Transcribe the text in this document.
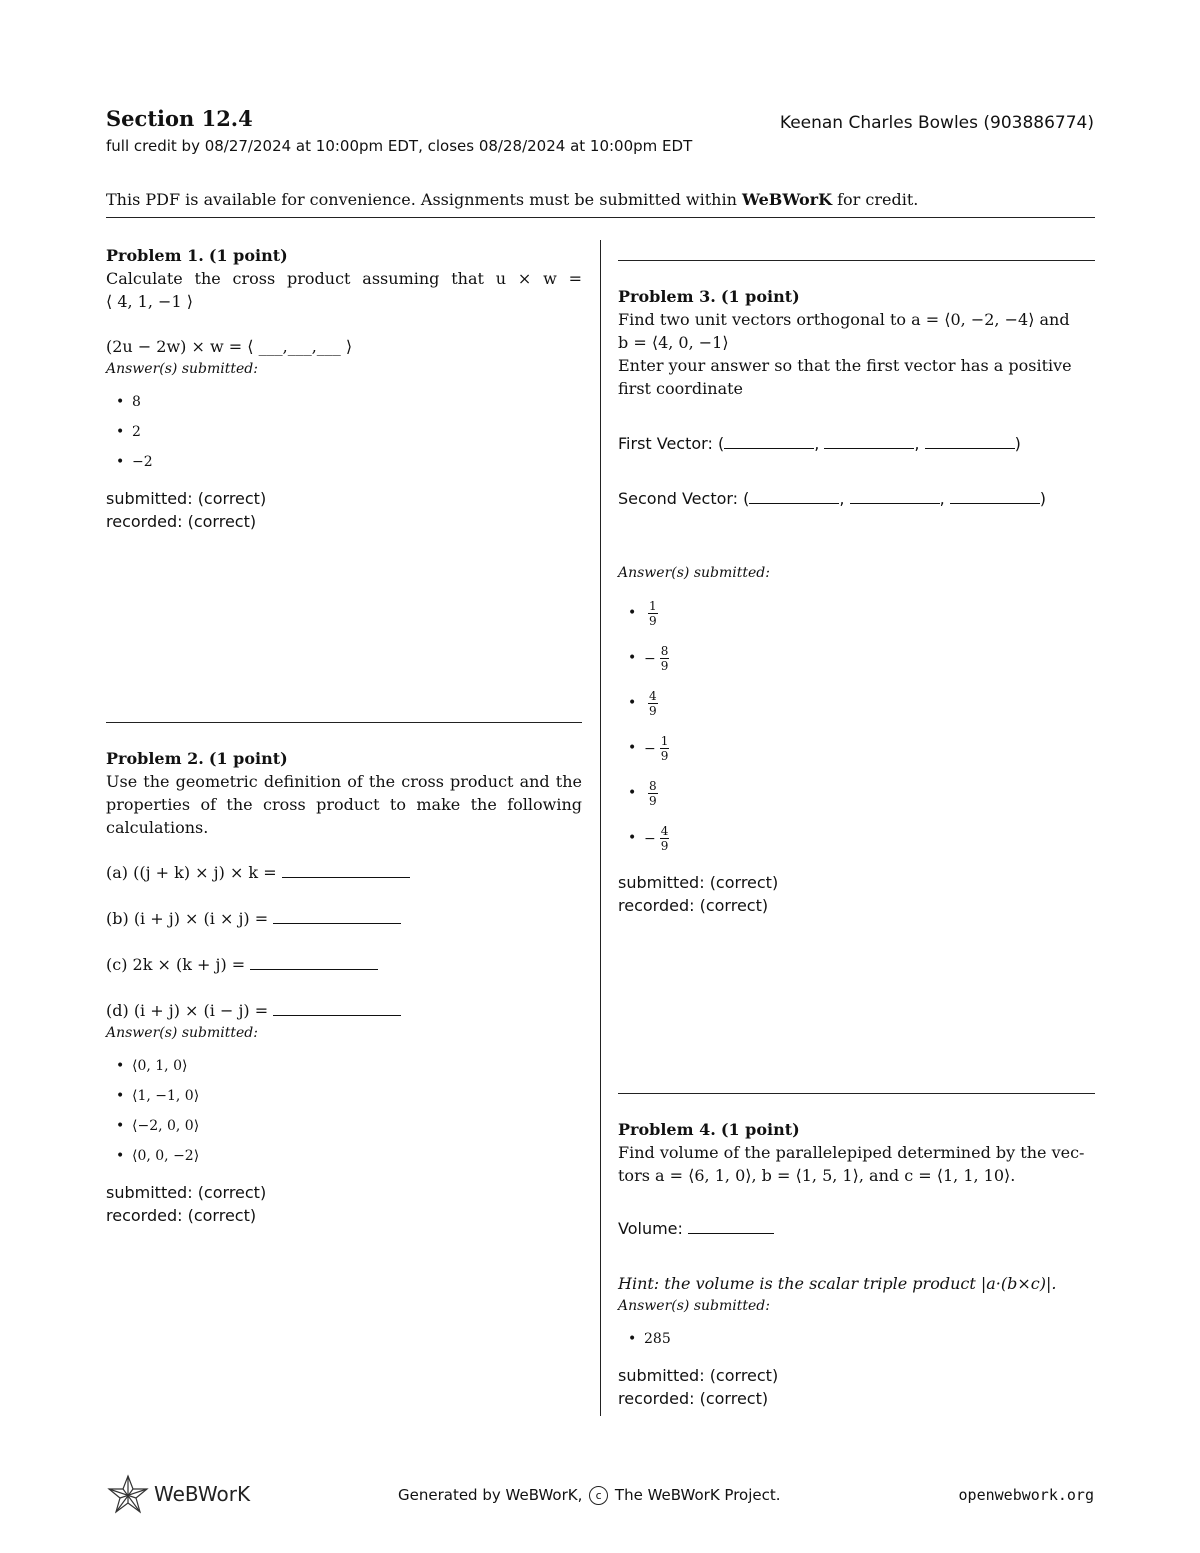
Section 12.4	Keenan Charles Bowles (903886774)
full credit by 08/27/2024 at 10:00pm EDT, closes 08/28/2024 at 10:00pm EDT
This PDF is available for convenience. Assignments must be submitted within WeBWorK for credit.

Problem 1. (1 point)

Calculate the cross product assuming that u × w =

⟨ 4, 1, −1 ⟩

(2u − 2w) × w = ⟨ ___,___,___ ⟩

Answer(s) submitted:

• 8
• 2
• −2

submitted: (correct)

recorded: (correct)

Problem 2. (1 point)

Use the geometric definition of the cross product and the properties of the cross product to make the following calculations.

(a) ((j + k) × j) × k =

(b) (i + j) × (i × j) =

(c) 2k × (k + j) =

(d) (i + j) × (i − j) =

Answer(s) submitted:

• ⟨0, 1, 0⟩
• ⟨1, −1, 0⟩
• ⟨−2, 0, 0⟩
• ⟨0, 0, −2⟩

submitted: (correct)

recorded: (correct)

Problem 3. (1 point)

Find two unit vectors orthogonal to a = ⟨0, −2, −4⟩ and

b = ⟨4, 0, −1⟩

Enter your answer so that the first vector has a positive first coordinate

First Vector: (	,	,	)

Second Vector: (	,	,	)

Answer(s) submitted:

• $\frac{1}{9}$
• − $\frac{8}{9}$
• $\frac{4}{9}$
• − $\frac{1}{9}$
• $\frac{8}{9}$
• − $\frac{4}{9}$

submitted: (correct)

recorded: (correct)

Problem 4. (1 point)

Find volume of the parallelepiped determined by the vec-

tors a = ⟨6, 1, 0⟩, b = ⟨1, 5, 1⟩, and c = ⟨1, 1, 10⟩.

Volume:

Hint: the volume is the scalar triple product |a·(b×c)|.

Answer(s) submitted:

• 285

submitted: (correct)

recorded: (correct)

WeBWorK	Generated by WeBWorK, c The WeBWorK Project.	openwebwork.org
